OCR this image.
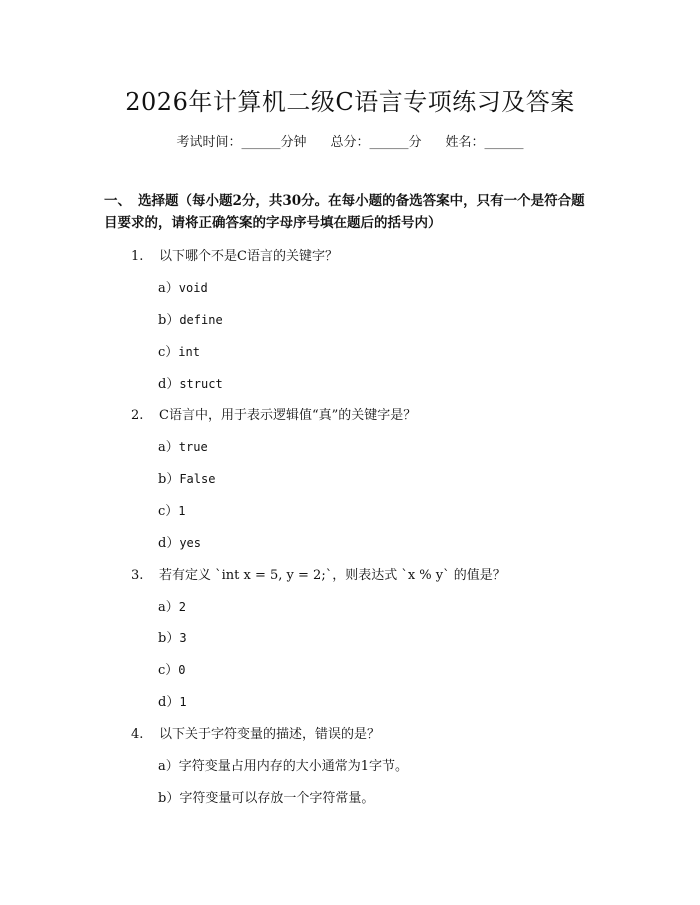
2026年计算机二级C语言专项练习及答案
考试时间：______分钟 总分：______分 姓名：______
一、 选择题（每小题2分，共30分。在每小题的备选答案中，只有一个是符合题目要求的，请将正确答案的字母序号填在题后的括号内）
1. 以下哪个不是C语言的关键字？
a）void
b）define
c）int
d）struct
2. C语言中，用于表示逻辑值“真”的关键字是？
a）true
b）False
c）1
d）yes
3. 若有定义 `int x = 5, y = 2;`，则表达式 `x % y` 的值是？
a）2
b）3
c）0
d）1
4. 以下关于字符变量的描述，错误的是？
a）字符变量占用内存的大小通常为1字节。
b）字符变量可以存放一个字符常量。
